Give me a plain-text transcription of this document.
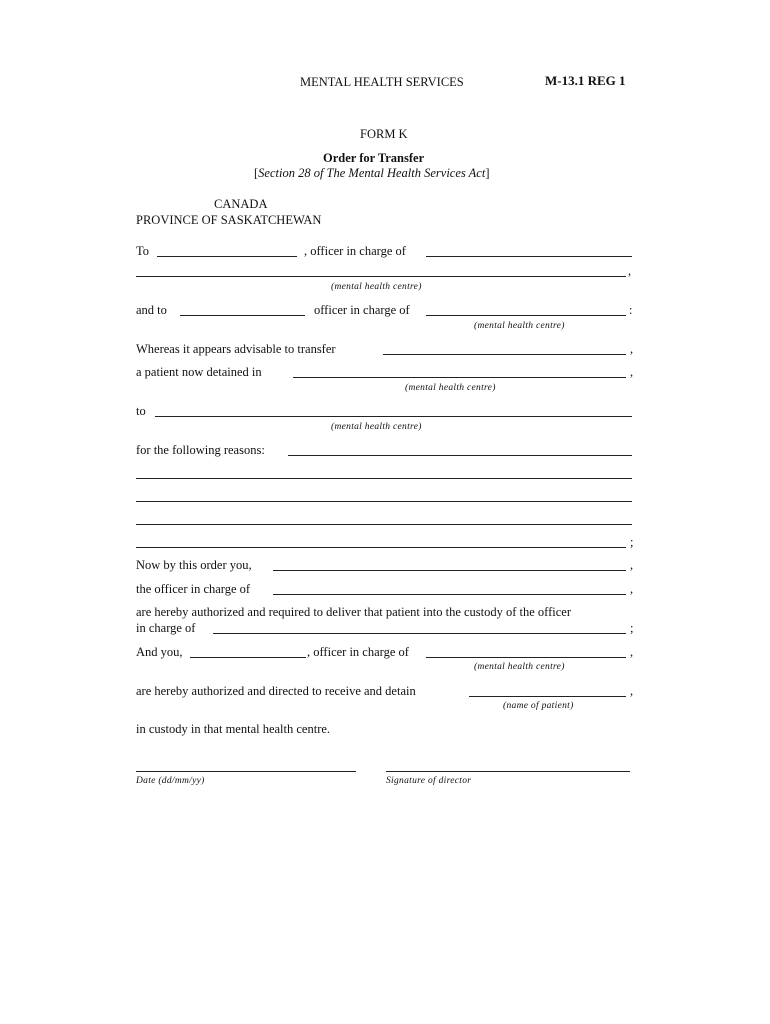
MENTAL HEALTH SERVICES	M-13.1 REG 1
FORM K
Order for Transfer
[Section 28 of The Mental Health Services Act]
CANADA
PROVINCE OF SASKATCHEWAN
To	, officer in charge of
,
(mental health centre)
and to	officer in charge of	:
(mental health centre)
Whereas it appears advisable to transfer	,
a patient now detained in	,
(mental health centre)
to
(mental health centre)
for the following reasons:
;
Now by this order you,	,
the officer in charge of	,
are hereby authorized and required to deliver that patient into the custody of the officer
in charge of	;
And you,	, officer in charge of	,
(mental health centre)
are hereby authorized and directed to receive and detain	,
(name of patient)
in custody in that mental health centre.
Date (dd/mm/yy)	Signature of director
